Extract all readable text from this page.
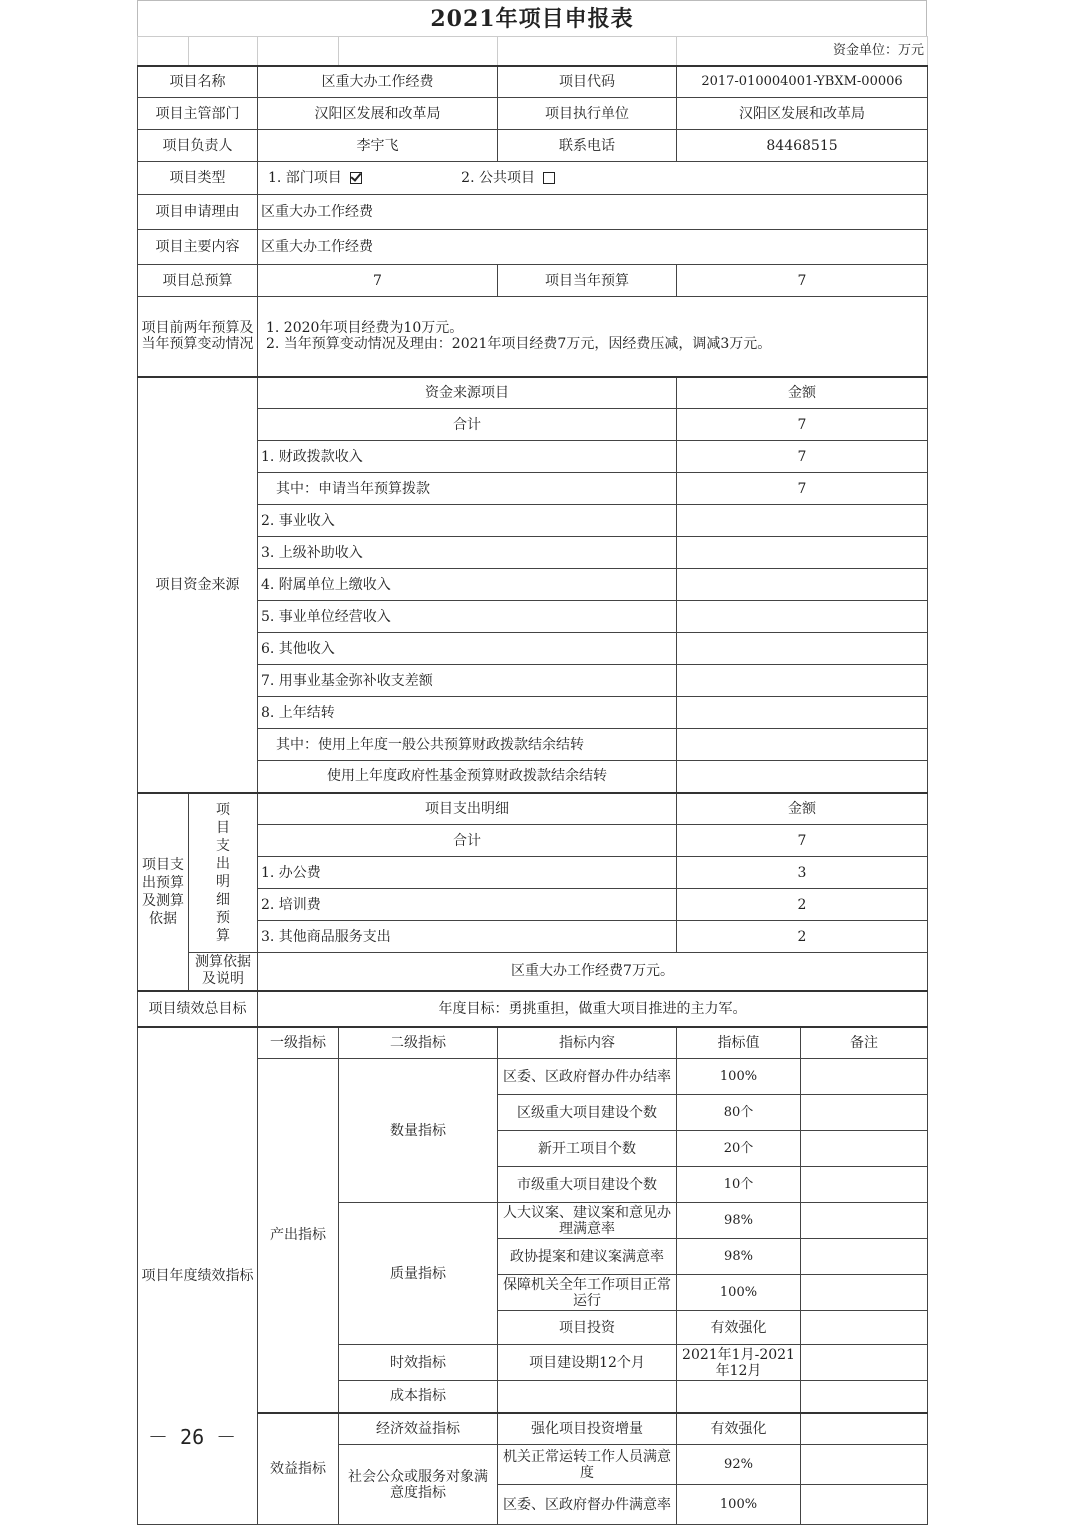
2021年项目申报表
					资金单位：万元	
项目名称		区重大办工作经费		项目代码	2017-010004001-YBXM-00006	
项目主管部门		汉阳区发展和改革局		项目执行单位	汉阳区发展和改革局	
项目负责人		李宇飞		联系电话	84468515	
项目类型		1. 部门项目 2. 公共项目				
项目申请理由		区重大办工作经费				
项目主要内容		区重大办工作经费				
项目总预算		7		项目当年预算	7	
项目前两年预算及当年预算变动情况		1. 2020年项目经费为10万元。
2. 当年预算变动情况及理由：2021年项目经费7万元，因经费压减，调减3万元。				

项目资金来源		资金来源项目			金额	
		合计			7	
		1. 财政拨款收入			7	
		其中：申请当年预算拨款			7	
		2. 事业收入				
		3. 上级补助收入				
		4. 附属单位上缴收入				
		5. 事业单位经营收入				
		6. 其他收入				
		7. 用事业基金弥补收支差额				
		8. 上年结转				
		其中：使用上年度一般公共预算财政拨款结余结转				
		使用上年度政府性基金预算财政拨款结余结转				
项目支出预算及测算依据	项目支出明细预算	项目支出明细			金额	
		合计			7	
		1. 办公费			3	
		2. 培训费			2	
		3. 其他商品服务支出			2	
	测算依据及说明	区重大办工作经费7万元。				
项目绩效总目标		年度目标：勇挑重担，做重大项目推进的主力军。				
项目年度绩效指标		一级指标	二级指标	指标内容	指标值	备注
		产出指标	数量指标	区委、区政府督办件办结率	100%	
				区级重大项目建设个数	80个	
				新开工项目个数	20个	
				市级重大项目建设个数	10个	
			质量指标	人大议案、建议案和意见办理满意率	98%	
				政协提案和建议案满意率	98%	
				保障机关全年工作项目正常运行	100%	
				项目投资	有效强化	
			时效指标	项目建设期12个月	2021年1月-2021年12月	
			成本指标			
		效益指标	经济效益指标	强化项目投资增量	有效强化	
			社会公众或服务对象满意度指标	机关正常运转工作人员满意度	92%	
				区委、区政府督办件满意率	100%	
－ 26 －
